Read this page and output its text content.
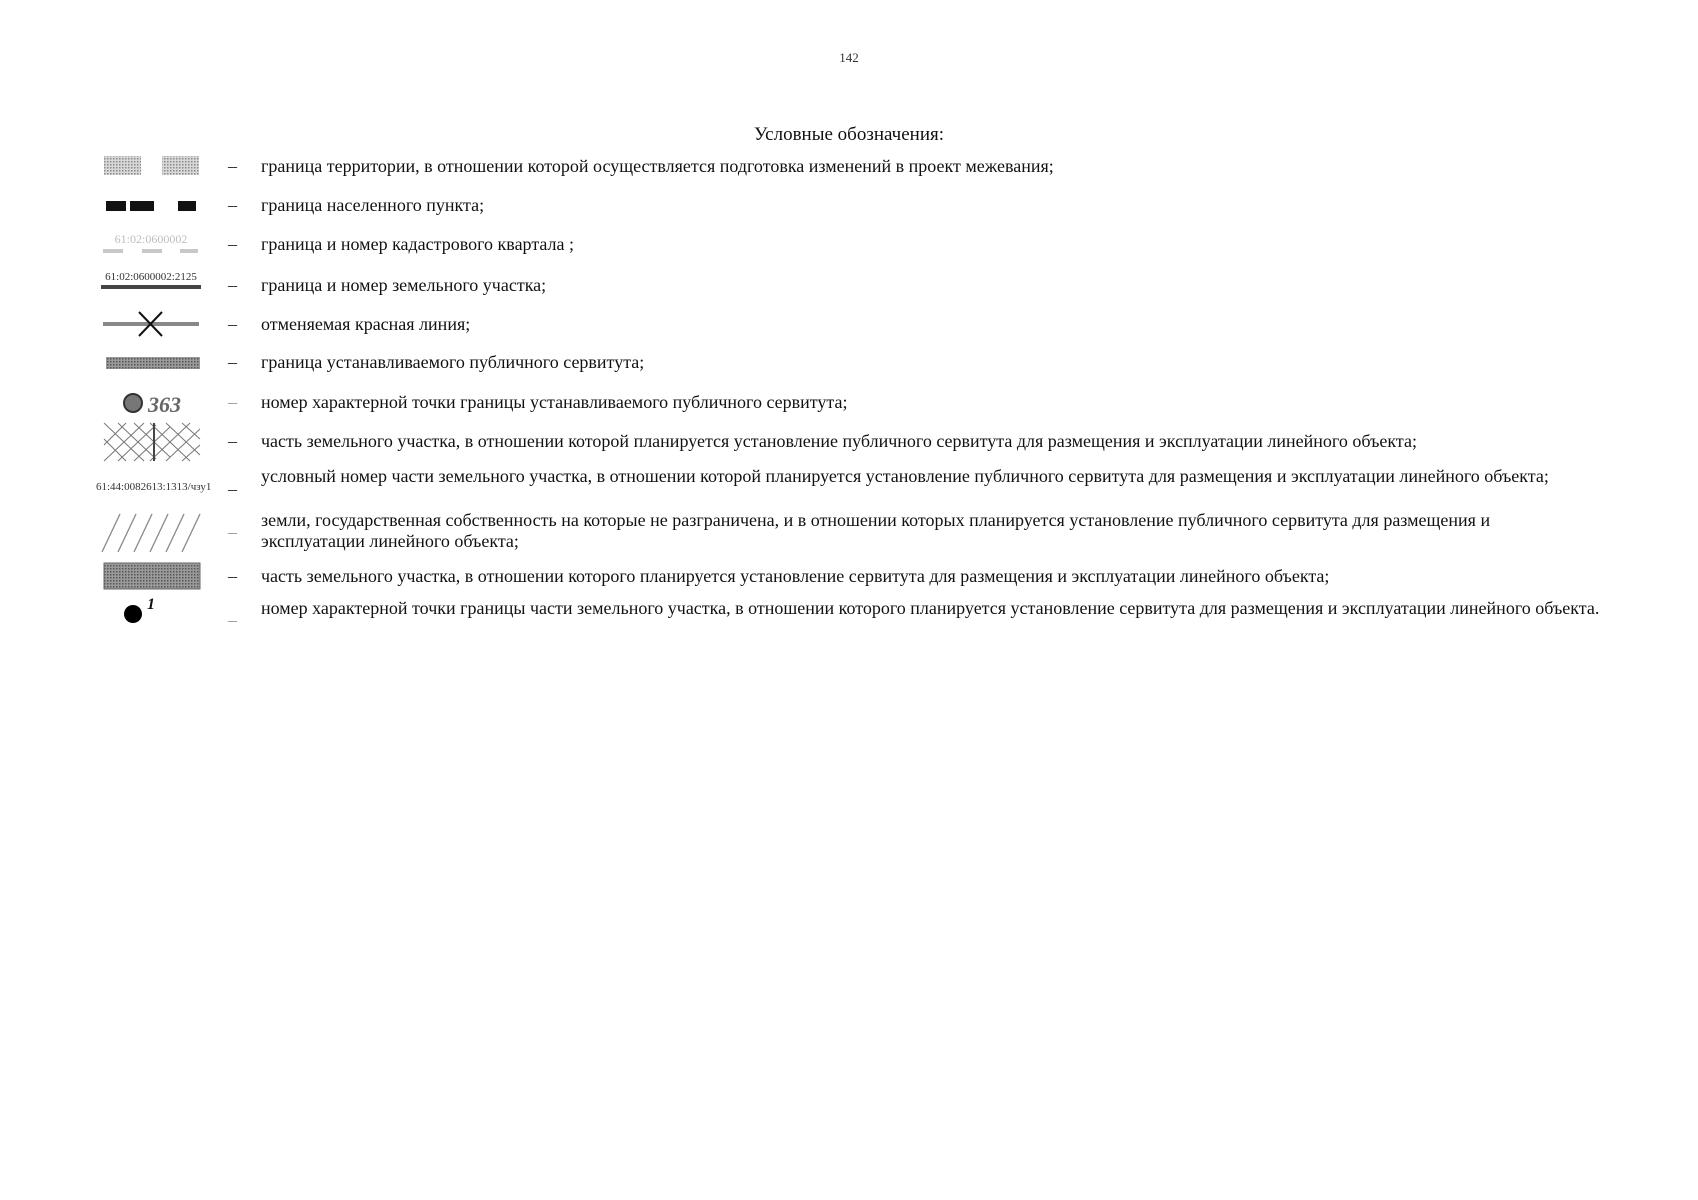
142
Условные обозначения:
– граница территории, в отношении которой осуществляется подготовка изменений в проект межевания;
– граница населенного пункта;
61:02:0600002 – граница и номер кадастрового квартала ;
61:02:0600002:2125 – граница и номер земельного участка;
– отменяемая красная линия;
– граница устанавливаемого публичного сервитута;
363	– номер характерной точки границы устанавливаемого публичного сервитута;
– часть земельного участка, в отношении которой планируется установление публичного сервитута для размещения и эксплуатации линейного объекта;
61:44:0082613:1313/чзу1 –
условный номер части земельного участка, в отношении которой планируется установление публичного сервитута для размещения и эксплуатации линейного объекта;
–
земли, государственная собственность на которые не разграничена, и в отношении которых планируется установление публичного сервитута для размещения и эксплуатации линейного объекта;
– часть земельного участка, в отношении которого планируется установление сервитута для размещения и эксплуатации линейного объекта;
1
–
номер характерной точки границы части земельного участка, в отношении которого планируется установление сервитута для размещения и эксплуатации линейного объекта.
